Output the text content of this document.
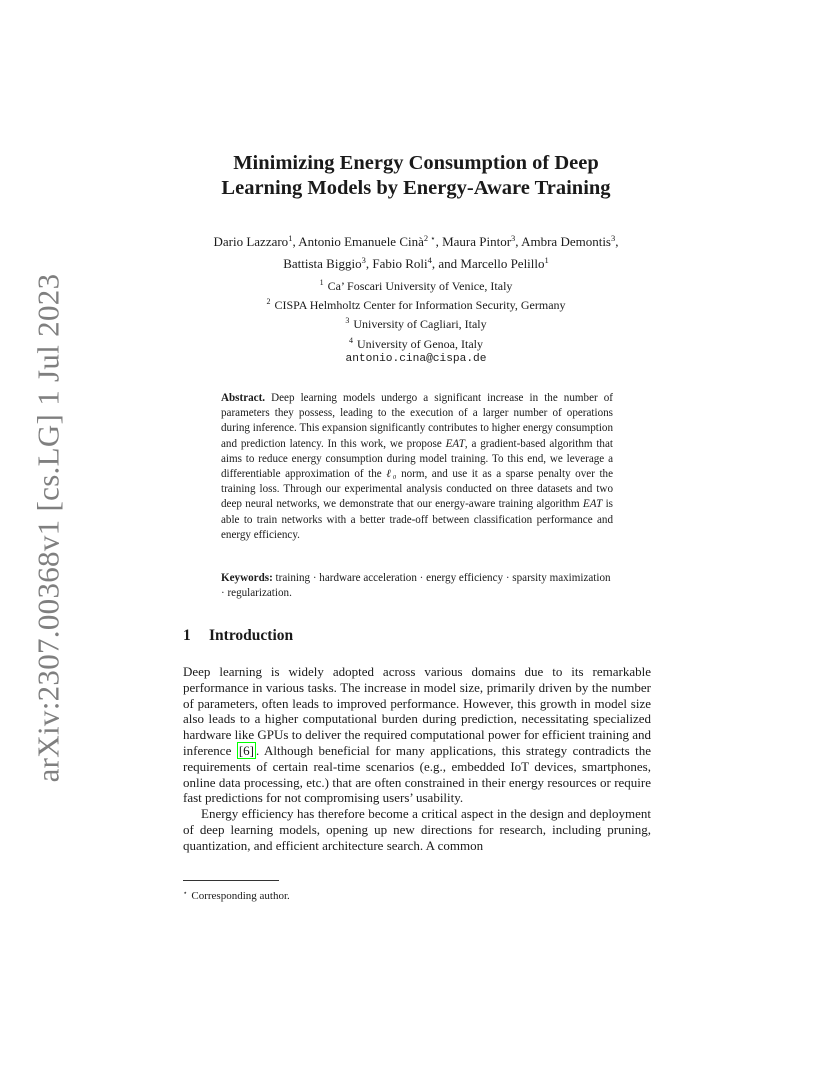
arXiv:2307.00368v1 [cs.LG] 1 Jul 2023
Minimizing Energy Consumption of Deep
Learning Models by Energy-Aware Training
Dario Lazzaro$^1$, Antonio Emanuele Cinà$^{2 ⋆}$, Maura Pintor$^3$, Ambra Demontis$^3$,
Battista Biggio$^3$, Fabio Roli$^4$, and Marcello Pelillo$^1$
$^1$ Ca’ Foscari University of Venice, Italy
$^2$ CISPA Helmholtz Center for Information Security, Germany
$^3$ University of Cagliari, Italy
$^4$ University of Genoa, Italy
antonio.cina@cispa.de
Abstract. Deep learning models undergo a significant increase in the number of parameters they possess, leading to the execution of a larger number of operations during inference. This expansion significantly contributes to higher energy consumption and prediction latency. In this work, we propose EAT, a gradient-based algorithm that aims to reduce energy consumption during model training. To this end, we leverage a differentiable approximation of the ℓ₀ norm, and use it as a sparse penalty over the training loss. Through our experimental analysis conducted on three datasets and two deep neural networks, we demonstrate that our energy-aware training algorithm EAT is able to train networks with a better trade-off between classification performance and energy efficiency.
Keywords: training · hardware acceleration · energy efficiency · sparsity maximization · regularization.
1 Introduction

Deep learning is widely adopted across various domains due to its remarkable performance in various tasks. The increase in model size, primarily driven by the number of parameters, often leads to improved performance. However, this growth in model size also leads to a higher computational burden during prediction, necessitating specialized hardware like GPUs to deliver the required computational power for efficient training and inference [6] . Although beneficial for many applications, this strategy contradicts the requirements of certain real-time scenarios (e.g., embedded IoT devices, smartphones, online data processing, etc.) that are often constrained in their energy resources or require fast predictions for not compromising users’ usability.

Energy efficiency has therefore become a critical aspect in the design and deployment of deep learning models, opening up new directions for research, including pruning, quantization, and efficient architecture search. A common

⋆ Corresponding author.
